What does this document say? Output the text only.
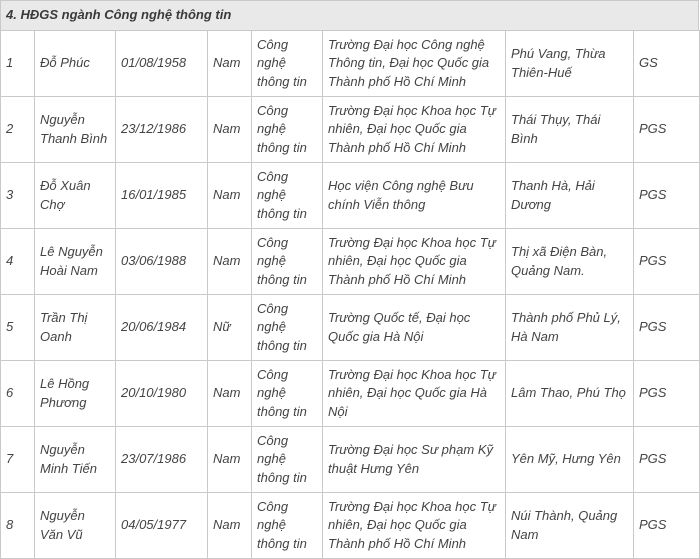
4. HĐGS ngành Công nghệ thông tin
1	Đỗ Phúc	01/08/1958	Nam	Công nghệ thông tin	Trường Đại học Công nghệ Thông tin, Đại học Quốc gia Thành phố Hồ Chí Minh	Phú Vang, Thừa Thiên-Huế	GS
2	Nguyễn Thanh Bình	23/12/1986	Nam	Công nghệ thông tin	Trường Đại học Khoa học Tự nhiên, Đại học Quốc gia Thành phố Hồ Chí Minh	Thái Thụy, Thái Bình	PGS
3	Đỗ Xuân Chợ	16/01/1985	Nam	Công nghệ thông tin	Học viện Công nghệ Bưu chính Viễn thông	Thanh Hà, Hải Dương	PGS
4	Lê Nguyễn Hoài Nam	03/06/1988	Nam	Công nghệ thông tin	Trường Đại học Khoa học Tự nhiên, Đại học Quốc gia Thành phố Hồ Chí Minh	Thị xã Điện Bàn, Quảng Nam.	PGS
5	Trần Thị Oanh	20/06/1984	Nữ	Công nghệ thông tin	Trường Quốc tế, Đại học Quốc gia Hà Nội	Thành phố Phủ Lý, Hà Nam	PGS
6	Lê Hồng Phương	20/10/1980	Nam	Công nghệ thông tin	Trường Đại học Khoa học Tự nhiên, Đại học Quốc gia Hà Nội	Lâm Thao, Phú Thọ	PGS
7	Nguyễn Minh Tiến	23/07/1986	Nam	Công nghệ thông tin	Trường Đại học Sư phạm Kỹ thuật Hưng Yên	Yên Mỹ, Hưng Yên	PGS
8	Nguyễn Văn Vũ	04/05/1977	Nam	Công nghệ thông tin	Trường Đại học Khoa học Tự nhiên, Đại học Quốc gia Thành phố Hồ Chí Minh	Núi Thành, Quảng Nam	PGS
